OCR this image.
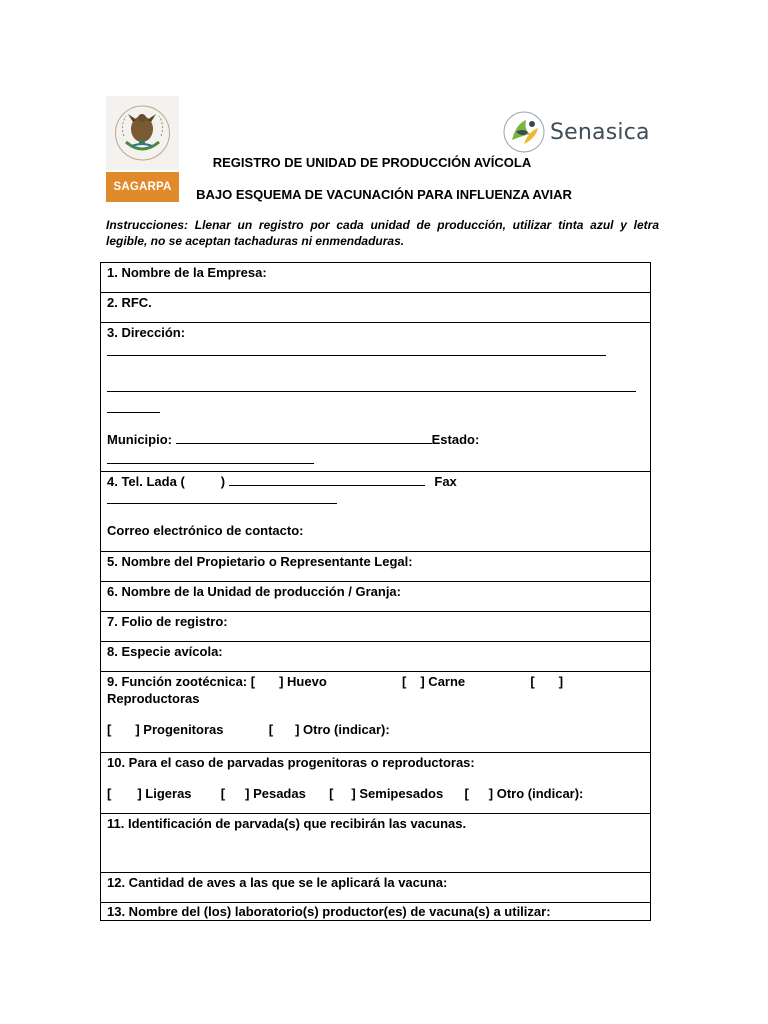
SAGARPA
Senasica
REGISTRO DE UNIDAD DE PRODUCCIÓN AVÍCOLA
BAJO ESQUEMA DE VACUNACIÓN PARA INFLUENZA AVIAR
Instrucciones: Llenar un registro por cada unidad de producción, utilizar tinta azul y letra legible, no se aceptan tachaduras ni enmendaduras.
1. Nombre de la Empresa:
2. RFC.
3. Dirección:
Municipio:	Estado:
4. Tel. Lada (	)	Fax
Correo electrónico de contacto:
5. Nombre del Propietario o Representante Legal:
6. Nombre de la Unidad de producción / Granja:
7. Folio de registro:
8. Especie avícola:
9. Función zootécnica: [ ] Huevo	[ ] Carne	[ ]
Reproductoras
[ ] Progenitoras	[ ] Otro (indicar):
10. Para el caso de parvadas progenitoras o reproductoras:
[ ] Ligeras [ ] Pesadas [ ] Semipesados [ ] Otro (indicar):
11. Identificación de parvada(s) que recibirán las vacunas.
12. Cantidad de aves a las que se le aplicará la vacuna:
13. Nombre del (los) laboratorio(s) productor(es) de vacuna(s) a utilizar:
